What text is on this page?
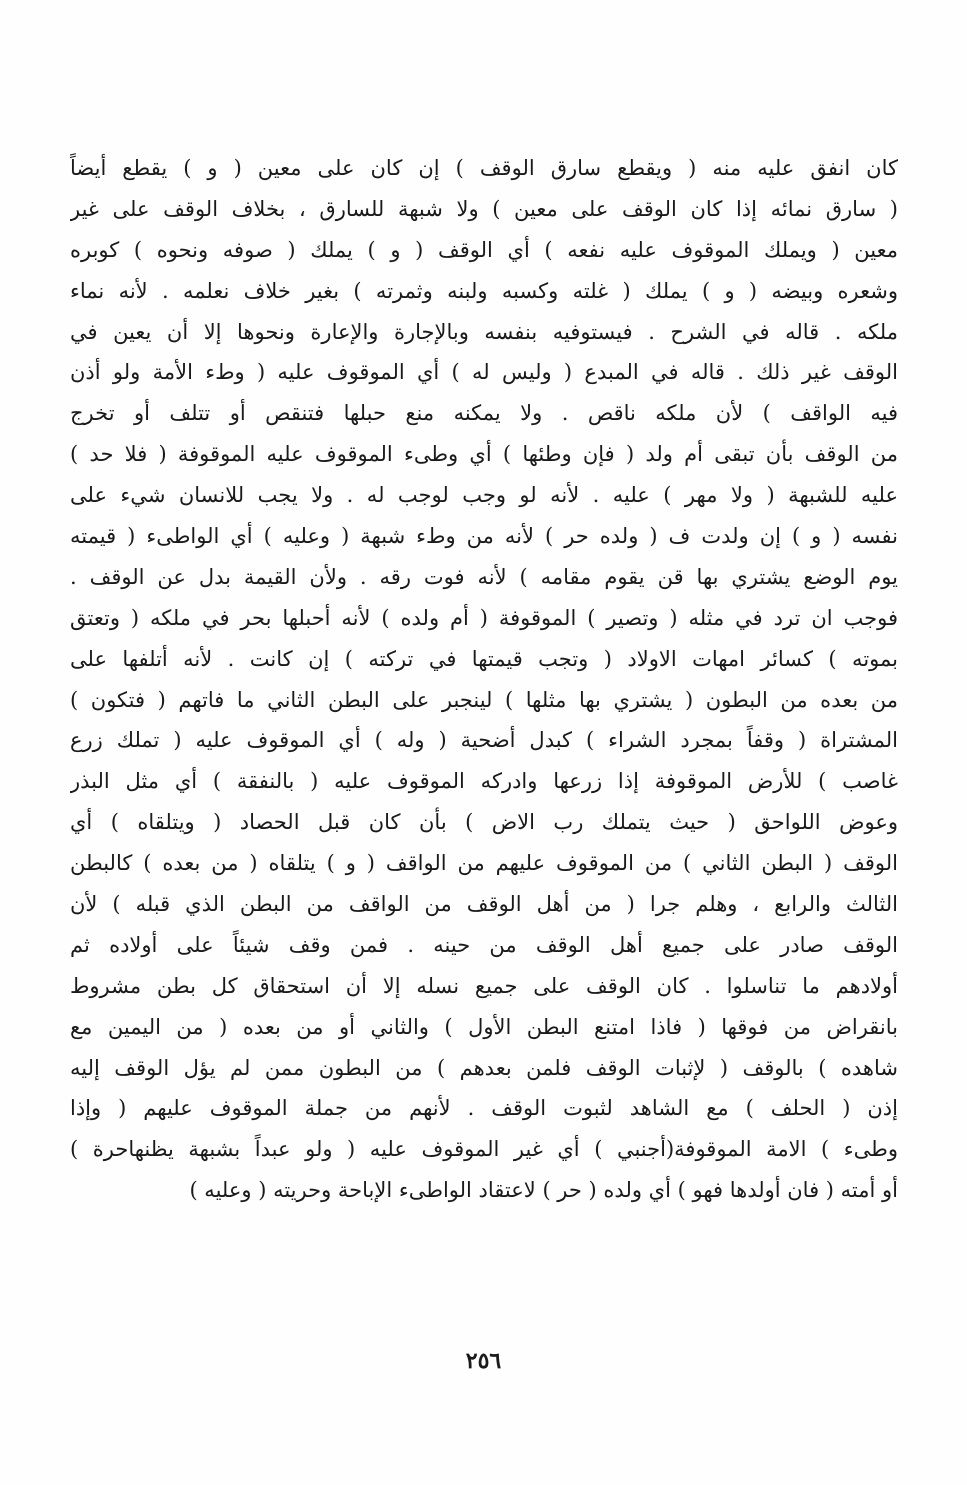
كان انفق عليه منه ( ويقطع سارق الوقف ) إن كان على معين ( و ) يقطع أيضاً
( سارق نمائه إذا كان الوقف على معين ) ولا شبهة للسارق ، بخلاف الوقف على غير
معين ( ويملك الموقوف عليه نفعه ) أي الوقف ( و ) يملك ( صوفه ونحوه ) كوبره
وشعره وبيضه ( و ) يملك ( غلته وكسبه ولبنه وثمرته ) بغير خلاف نعلمه . لأنه نماء
ملكه . قاله في الشرح . فيستوفيه بنفسه وبالإجارة والإعارة ونحوها إلا أن يعين في
الوقف غير ذلك . قاله في المبدع ( وليس له ) أي الموقوف عليه ( وطء الأمة ولو أذن
فيه الواقف ) لأن ملكه ناقص . ولا يمكنه منع حبلها فتنقص أو تتلف أو تخرج
من الوقف بأن تبقى أم ولد ( فإن وطئها ) أي وطىء الموقوف عليه الموقوفة ( فلا حد )
عليه للشبهة ( ولا مهر ) عليه . لأنه لو وجب لوجب له . ولا يجب للانسان شيء على
نفسه ( و ) إن ولدت ف ( ولده حر ) لأنه من وطء شبهة ( وعليه ) أي الواطىء ( قيمته
يوم الوضع يشتري بها قن يقوم مقامه ) لأنه فوت رقه . ولأن القيمة بدل عن الوقف .
فوجب ان ترد في مثله ( وتصير ) الموقوفة ( أم ولده ) لأنه أحبلها بحر في ملكه ( وتعتق
بموته ) كسائر امهات الاولاد ( وتجب قيمتها في تركته ) إن كانت . لأنه أتلفها على
من بعده من البطون ( يشتري بها مثلها ) لينجبر على البطن الثاني ما فاتهم ( فتكون )
المشتراة ( وقفاً بمجرد الشراء ) كبدل أضحية ( وله ) أي الموقوف عليه ( تملك زرع
غاصب ) للأرض الموقوفة إذا زرعها وادركه الموقوف عليه ( بالنفقة ) أي مثل البذر
وعوض اللواحق ( حيث يتملك رب الاض ) بأن كان قبل الحصاد ( ويتلقاه ) أي
الوقف ( البطن الثاني ) من الموقوف عليهم من الواقف ( و ) يتلقاه ( من بعده ) كالبطن
الثالث والرابع ، وهلم جرا ( من أهل الوقف من الواقف من البطن الذي قبله ) لأن
الوقف صادر على جميع أهل الوقف من حينه . فمن وقف شيئاً على أولاده ثم
أولادهم ما تناسلوا . كان الوقف على جميع نسله إلا أن استحقاق كل بطن مشروط
بانقراض من فوقها ( فاذا امتنع البطن الأول ) والثاني أو من بعده ( من اليمين مع
شاهده ) بالوقف ( لإثبات الوقف فلمن بعدهم ) من البطون ممن لم يؤل الوقف إليه
إذن ( الحلف ) مع الشاهد لثبوت الوقف . لأنهم من جملة الموقوف عليهم ( وإذا
وطىء ) الامة الموقوفة(أجنبي ) أي غير الموقوف عليه ( ولو عبداً بشبهة يظنهاحرة )
أو أمته ( فان أولدها فهو ) أي ولده ( حر ) لاعتقاد الواطىء الإباحة وحريته ( وعليه )
٢٥٦
